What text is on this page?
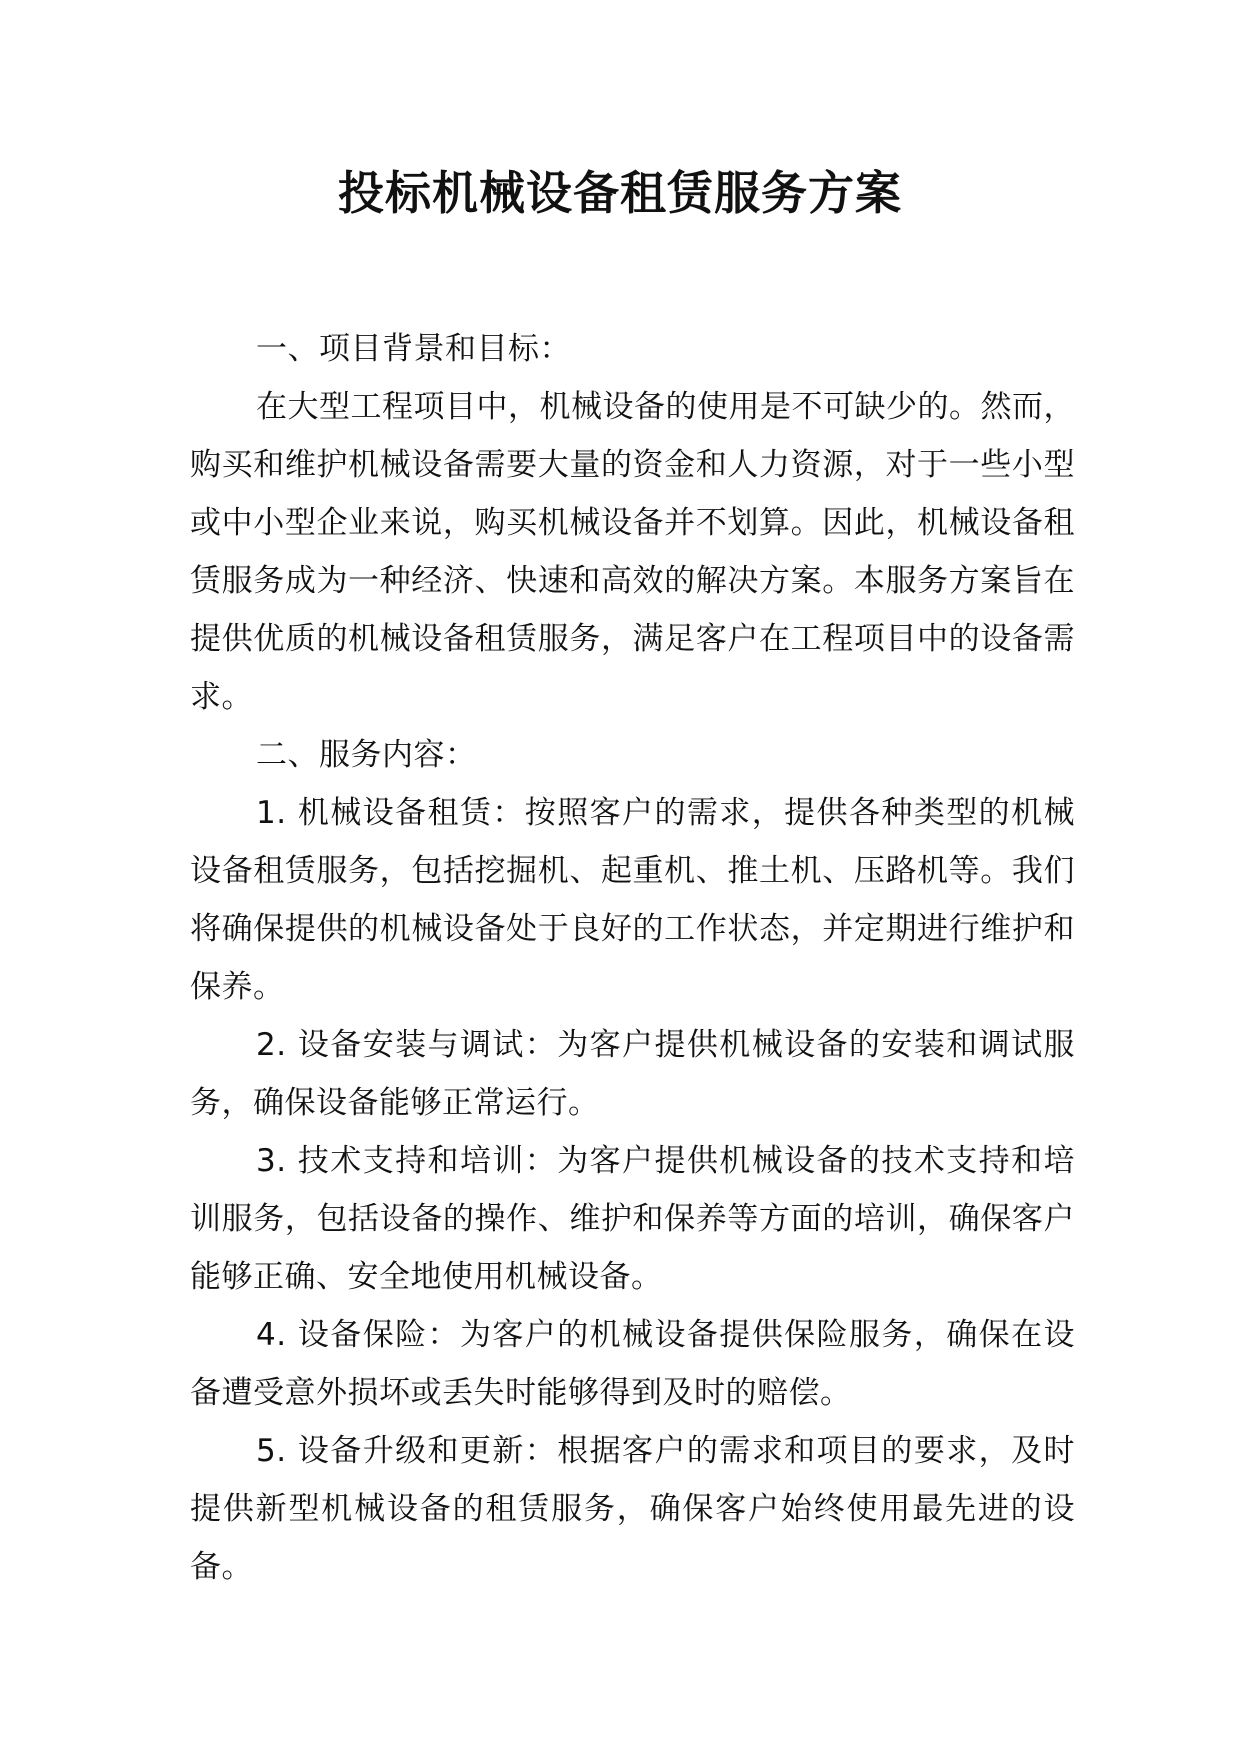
投标机械设备租赁服务方案

一、项目背景和目标：

在大型工程项目中，机械设备的使用是不可缺少的。然而，购买和维护机械设备需要大量的资金和人力资源，对于一些小型或中小型企业来说，购买机械设备并不划算。因此，机械设备租赁服务成为一种经济、快速和高效的解决方案。本服务方案旨在提供优质的机械设备租赁服务，满足客户在工程项目中的设备需求。

二、服务内容：

1. 机械设备租赁：按照客户的需求，提供各种类型的机械设备租赁服务，包括挖掘机、起重机、推土机、压路机等。我们将确保提供的机械设备处于良好的工作状态，并定期进行维护和保养。

2. 设备安装与调试：为客户提供机械设备的安装和调试服务，确保设备能够正常运行。

3. 技术支持和培训：为客户提供机械设备的技术支持和培训服务，包括设备的操作、维护和保养等方面的培训，确保客户能够正确、安全地使用机械设备。

4. 设备保险：为客户的机械设备提供保险服务，确保在设备遭受意外损坏或丢失时能够得到及时的赔偿。

5. 设备升级和更新：根据客户的需求和项目的要求，及时提供新型机械设备的租赁服务，确保客户始终使用最先进的设备。
